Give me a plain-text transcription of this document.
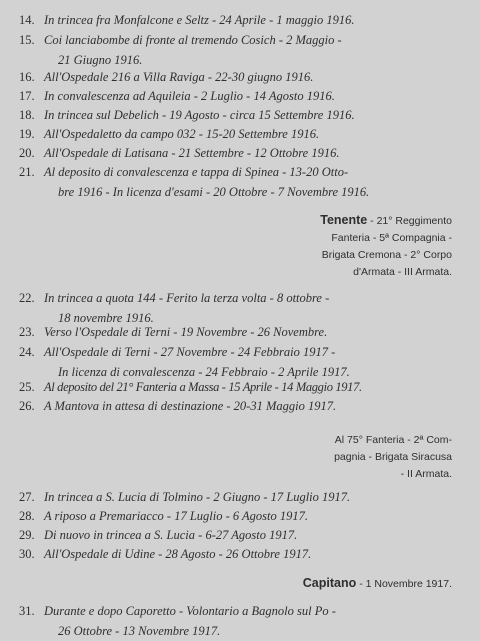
14. In trincea fra Monfalcone e Seltz - 24 Aprile - 1 maggio 1916.

15. Coi lanciabombe di fronte al tremendo Cosich - 2 Maggio -
21 Giugno 1916.

16. All'Ospedale 216 a Villa Raviga - 22-30 giugno 1916.

17. In convalescenza ad Aquileia - 2 Luglio - 14 Agosto 1916.

18. In trincea sul Debelich - 19 Agosto - circa 15 Settembre 1916.

19. All'Ospedaletto da campo 032 - 15-20 Settembre 1916.

20. All'Ospedale di Latisana - 21 Settembre - 12 Ottobre 1916.

21. Al deposito di convalescenza e tappa di Spinea - 13-20 Otto-
bre 1916 - In licenza d'esami - 20 Ottobre - 7 Novembre 1916.

Tenente - 21° Reggimento
Fanteria - 5ª Compagnia -
Brigata Cremona - 2° Corpo
d'Armata - III Armata.
22. In trincea a quota 144 - Ferito la terza volta - 8 ottobre -
18 novembre 1916.

23. Verso l'Ospedale di Terni - 19 Novembre - 26 Novembre.

24. All'Ospedale di Terni - 27 Novembre - 24 Febbraio 1917 -
In licenza di convalescenza - 24 Febbraio - 2 Aprile 1917.

25. Al deposito del 21° Fanteria a Massa - 15 Aprile - 14 Maggio 1917.

26. A Mantova in attesa di destinazione - 20-31 Maggio 1917.

Al 75° Fanteria - 2ª Com-
pagnia - Brigata Siracusa
- II Armata.
27. In trincea a S. Lucia di Tolmino - 2 Giugno - 17 Luglio 1917.

28. A riposo a Premariacco - 17 Luglio - 6 Agosto 1917.

29. Di nuovo in trincea a S. Lucia - 6-27 Agosto 1917.

30. All'Ospedale di Udine - 28 Agosto - 26 Ottobre 1917.

Capitano - 1 Novembre 1917.
31. Durante e dopo Caporetto - Volontario a Bagnolo sul Po -
26 Ottobre - 13 Novembre 1917.
